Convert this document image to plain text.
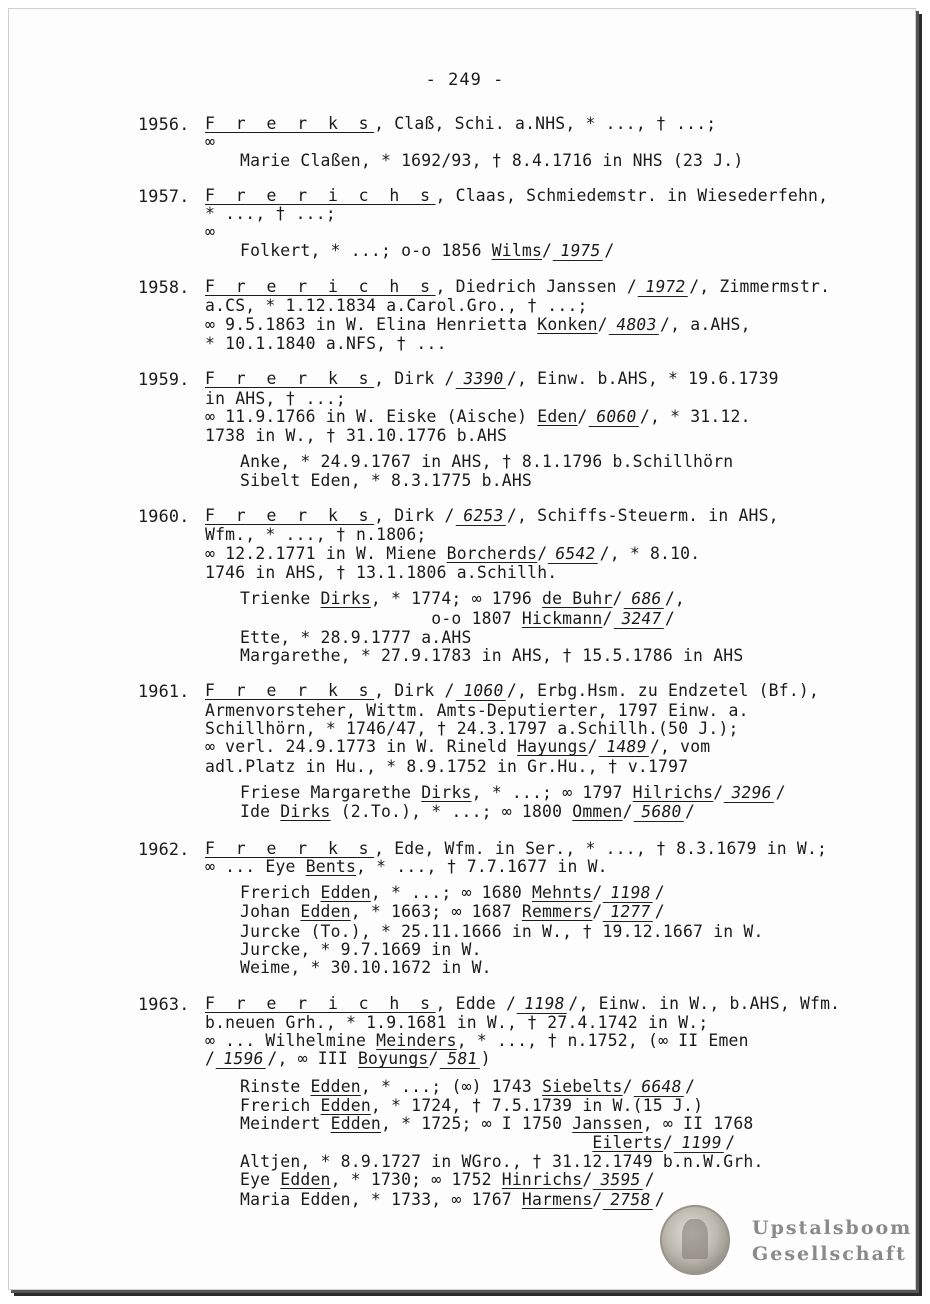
- 249 -
1956. F r e r k s, Claß, Schi. a.NHS, * ..., † ...;
∞
Marie Claßen, * 1692/93, † 8.4.1716 in NHS (23 J.)
1957. F r e r i c h s, Claas, Schmiedemstr. in Wiesederfehn,
* ..., † ...;
∞
Folkert, * ...; o-o 1856 Wilms/ 1975 /
1958. F r e r i c h s, Diedrich Janssen / 1972 /, Zimmermstr.
a.CS, * 1.12.1834 a.Carol.Gro., † ...;
∞ 9.5.1863 in W. Elina Henrietta Konken/ 4803 /, a.AHS,
* 10.1.1840 a.NFS, † ...
1959. F r e r k s, Dirk / 3390 /, Einw. b.AHS, * 19.6.1739
in AHS, † ...;
∞ 11.9.1766 in W. Eiske (Aische) Eden/ 6060 /, * 31.12.
1738 in W., † 31.10.1776 b.AHS
Anke, * 24.9.1767 in AHS, † 8.1.1796 b.Schillhörn
Sibelt Eden, * 8.3.1775 b.AHS
1960. F r e r k s, Dirk / 6253 /, Schiffs-Steuerm. in AHS,
Wfm., * ..., † n.1806;
∞ 12.2.1771 in W. Miene Borcherds/ 6542 /, * 8.10.
1746 in AHS, † 13.1.1806 a.Schillh.
Trienke Dirks, * 1774; ∞ 1796 de Buhr/ 686 /,
o-o 1807 Hickmann/ 3247 /
Ette, * 28.9.1777 a.AHS
Margarethe, * 27.9.1783 in AHS, † 15.5.1786 in AHS
1961. F r e r k s, Dirk / 1060 /, Erbg.Hsm. zu Endzetel (Bf.),
Armenvorsteher, Wittm. Amts-Deputierter, 1797 Einw. a.
Schillhörn, * 1746/47, † 24.3.1797 a.Schillh.(50 J.);
∞ verl. 24.9.1773 in W. Rineld Hayungs/ 1489 /, vom
adl.Platz in Hu., * 8.9.1752 in Gr.Hu., † v.1797
Friese Margarethe Dirks, * ...; ∞ 1797 Hilrichs/ 3296 /
Ide Dirks (2.To.), * ...; ∞ 1800 Ommen/ 5680 /
1962. F r e r k s, Ede, Wfm. in Ser., * ..., † 8.3.1679 in W.;
∞ ... Eye Bents, * ..., † 7.7.1677 in W.
Frerich Edden, * ...; ∞ 1680 Mehnts/ 1198 /
Johan Edden, * 1663; ∞ 1687 Remmers/ 1277 /
Jurcke (To.), * 25.11.1666 in W., † 19.12.1667 in W.
Jurcke, * 9.7.1669 in W.
Weime, * 30.10.1672 in W.
1963. F r e r i c h s, Edde / 1198 /, Einw. in W., b.AHS, Wfm.
b.neuen Grh., * 1.9.1681 in W., † 27.4.1742 in W.;
∞ ... Wilhelmine Meinders, * ..., † n.1752, (∞ II Emen
/ 1596 /, ∞ III Boyungs/ 581 )
Rinste Edden, * ...; (∞) 1743 Siebelts/ 6648 /
Frerich Edden, * 1724, † 7.5.1739 in W.(15 J.)
Meindert Edden, * 1725; ∞ I 1750 Janssen, ∞ II 1768
Eilerts/ 1199 /
Altjen, * 8.9.1727 in WGro., † 31.12.1749 b.n.W.Grh.
Eye Edden, * 1730; ∞ 1752 Hinrichs/ 3595 /
Maria Edden, * 1733, ∞ 1767 Harmens/ 2758 /
Upstalsboom
Gesellschaft
